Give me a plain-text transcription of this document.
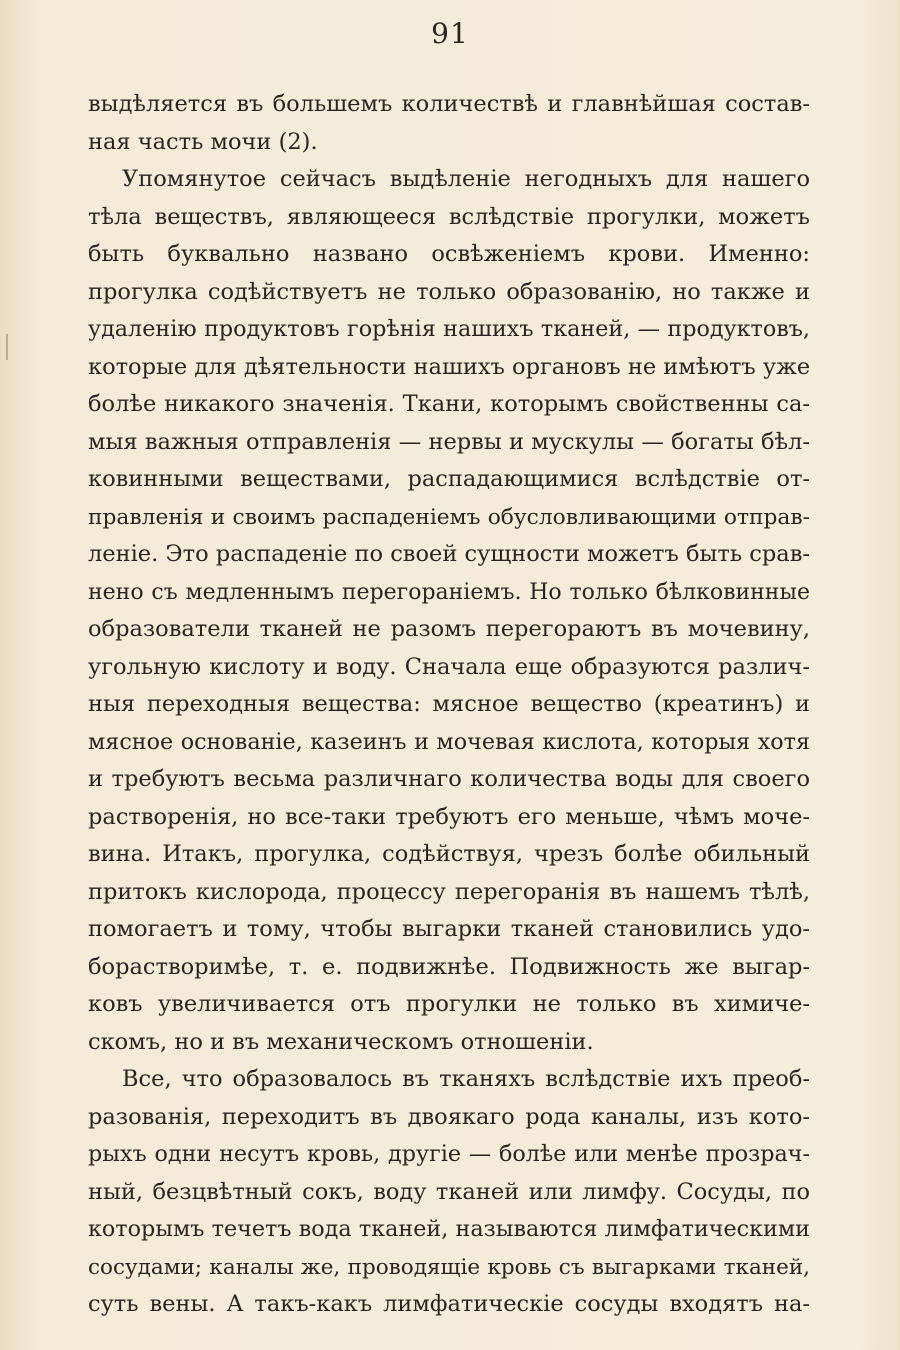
91
выдѣляется въ большемъ количествѣ и главнѣйшая состав-
ная часть мочи (2).
Упомянутое сейчасъ выдѣленіе негодныхъ для нашего
тѣла веществъ, являющееся вслѣдствіе прогулки, можетъ
быть буквально названо освѣженіемъ крови. Именно:
прогулка содѣйствуетъ не только образованію, но также и
удаленію продуктовъ горѣнія нашихъ тканей, — продуктовъ,
которые для дѣятельности нашихъ органовъ не имѣютъ уже
болѣе никакого значенія. Ткани, которымъ свойственны са-
мыя важныя отправленія — нервы и мускулы — богаты бѣл-
ковинными веществами, распадающимися вслѣдствіе от-
правленія и своимъ распаденіемъ обусловливающими отправ-
леніе. Это распаденіе по своей сущности можетъ быть срав-
нено съ медленнымъ перегораніемъ. Но только бѣлковинные
образователи тканей не разомъ перегораютъ въ мочевину,
угольную кислоту и воду. Сначала еще образуются различ-
ныя переходныя вещества: мясное вещество (креатинъ) и
мясное основаніе, казеинъ и мочевая кислота, которыя хотя
и требуютъ весьма различнаго количества воды для своего
растворенія, но все-таки требуютъ его меньше, чѣмъ моче-
вина. Итакъ, прогулка, содѣйствуя, чрезъ болѣе обильный
притокъ кислорода, процессу перегоранія въ нашемъ тѣлѣ,
помогаетъ и тому, чтобы выгарки тканей становились удо-
борастворимѣе, т. е. подвижнѣе. Подвижность же выгар-
ковъ увеличивается отъ прогулки не только въ химиче-
скомъ, но и въ механическомъ отношеніи.
Все, что образовалось въ тканяхъ вслѣдствіе ихъ преоб-
разованія, переходитъ въ двоякаго рода каналы, изъ кото-
рыхъ одни несутъ кровь, другіе — болѣе или менѣе прозрач-
ный, безцвѣтный сокъ, воду тканей или лимфу. Сосуды, по
которымъ течетъ вода тканей, называются лимфатическими
сосудами; каналы же, проводящіе кровь съ выгарками тканей,
суть вены. А такъ-какъ лимфатическіе сосуды входятъ на-
